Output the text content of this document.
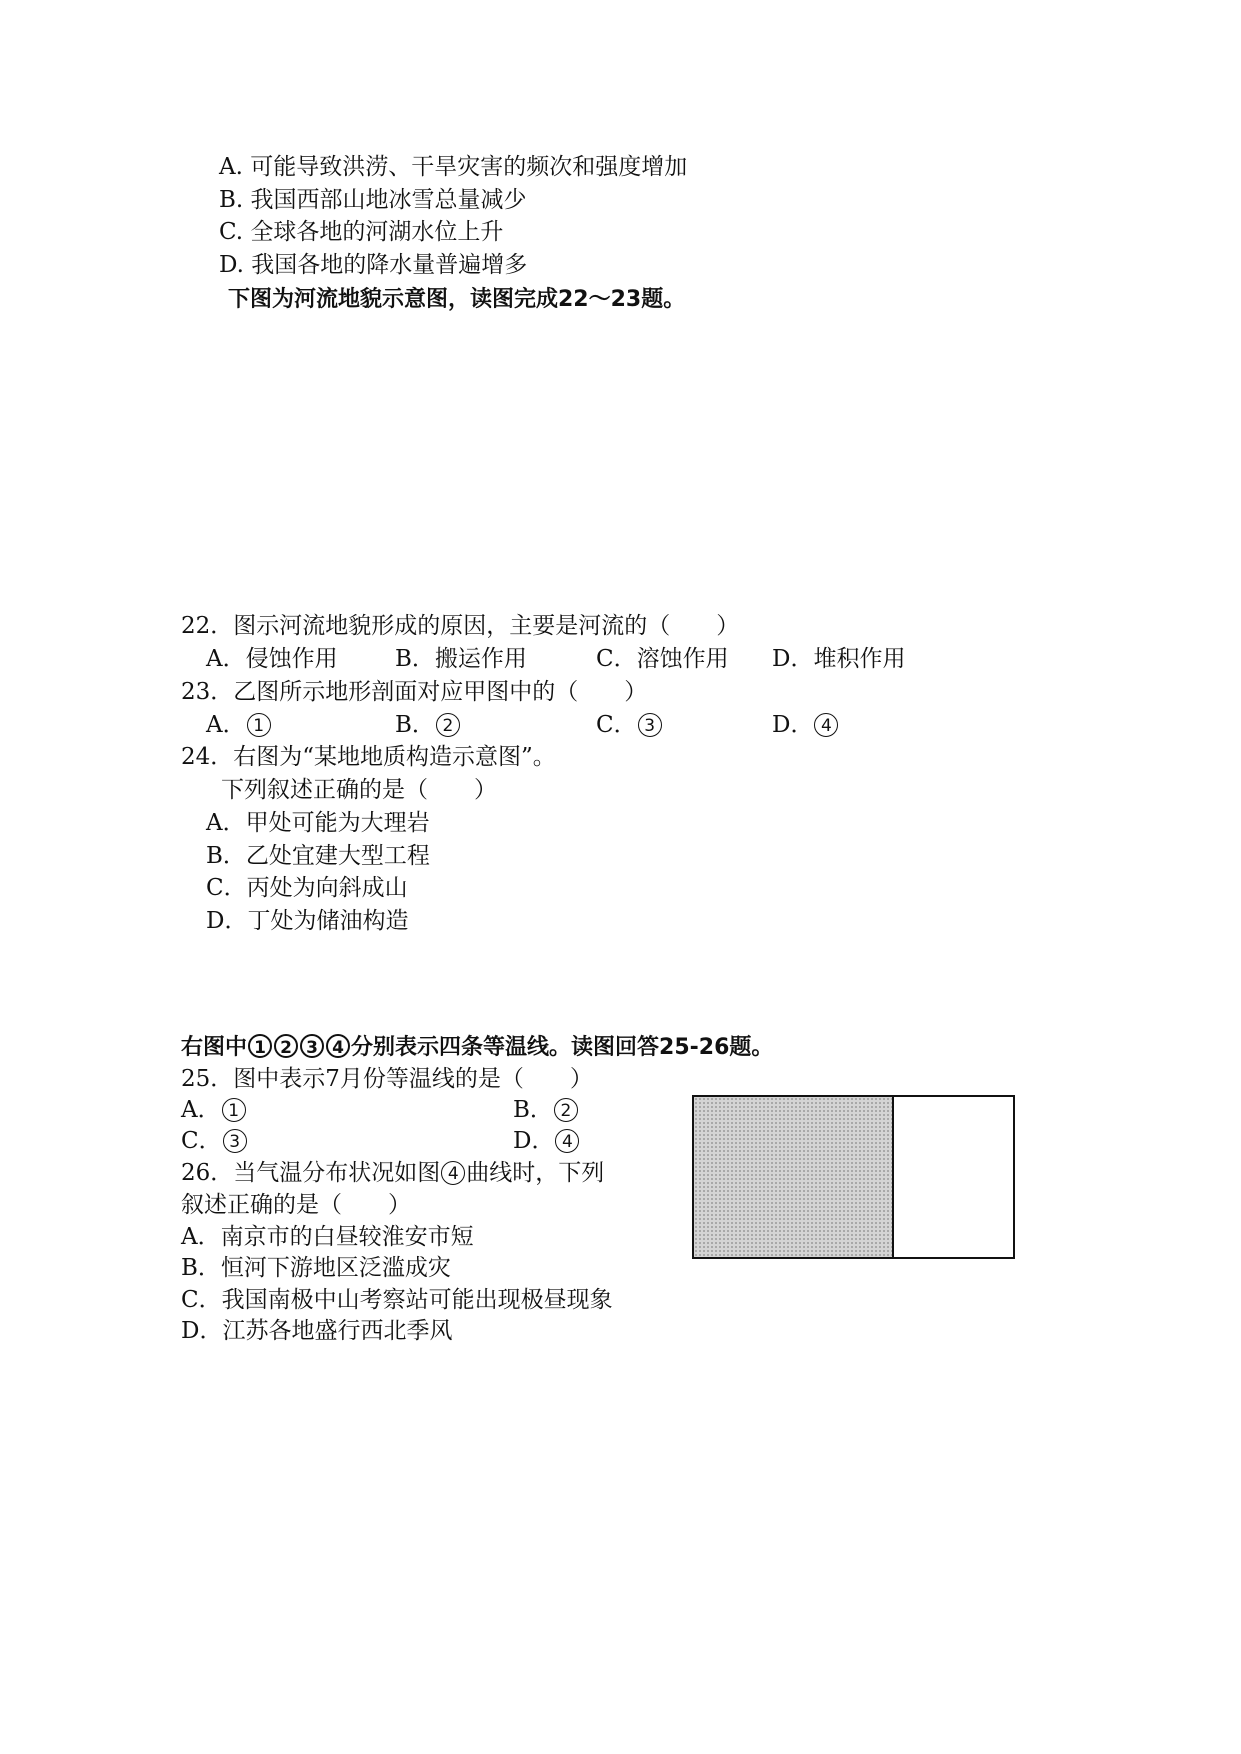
A. 可能导致洪涝、干旱灾害的频次和强度增加
B. 我国西部山地冰雪总量减少
C. 全球各地的河湖水位上升
D. 我国各地的降水量普遍增多
下图为河流地貌示意图，读图完成22～23题。
22．图示河流地貌形成的原因，主要是河流的（　　）
A．侵蚀作用 B．搬运作用	C．溶蚀作用 D．堆积作用
23．乙图所示地形剖面对应甲图中的（　　）
A． 1	B． 2	C． 3	D． 4
24．右图为“某地地质构造示意图”。
下列叙述正确的是（　　）
A．甲处可能为大理岩
B．乙处宜建大型工程
C．丙处为向斜成山
D．丁处为储油构造
右图中 1 2 3 4 分别表示四条等温线。读图回答25-26题。
25．图中表示7月份等温线的是（　　）
A． 1	B． 2
C． 3	D． 4
26．当气温分布状况如图 4 曲线时，下列
叙述正确的是（　　）
A．南京市的白昼较淮安市短
B．恒河下游地区泛滥成灾
C．我国南极中山考察站可能出现极昼现象
D．江苏各地盛行西北季风
